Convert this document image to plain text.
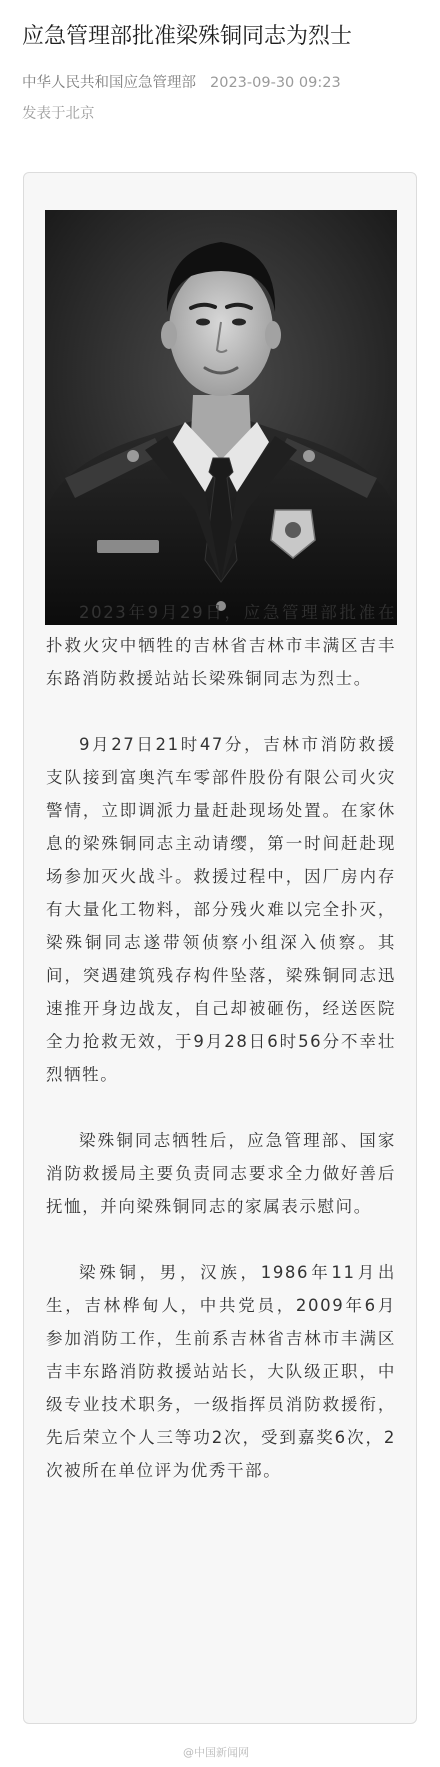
应急管理部批准梁殊铜同志为烈士
中华人民共和国应急管理部 2023-09-30 09:23
发表于北京

2023年9月29日，应急管理部批准在扑救火灾中牺牲的吉林省吉林市丰满区吉丰东路消防救援站站长梁殊铜同志为烈士。

9月27日21时47分，吉林市消防救援支队接到富奥汽车零部件股份有限公司火灾警情，立即调派力量赶赴现场处置。在家休息的梁殊铜同志主动请缨，第一时间赶赴现场参加灭火战斗。救援过程中，因厂房内存有大量化工物料，部分残火难以完全扑灭，梁殊铜同志遂带领侦察小组深入侦察。其间，突遇建筑残存构件坠落，梁殊铜同志迅速推开身边战友，自己却被砸伤，经送医院全力抢救无效，于9月28日6时56分不幸壮烈牺牲。

梁殊铜同志牺牲后，应急管理部、国家消防救援局主要负责同志要求全力做好善后抚恤，并向梁殊铜同志的家属表示慰问。

梁殊铜，男，汉族，1986年11月出生，吉林桦甸人，中共党员，2009年6月参加消防工作，生前系吉林省吉林市丰满区吉丰东路消防救援站站长，大队级正职，中级专业技术职务，一级指挥员消防救援衔，先后荣立个人三等功2次，受到嘉奖6次，2次被所在单位评为优秀干部。

@中国新闻网
